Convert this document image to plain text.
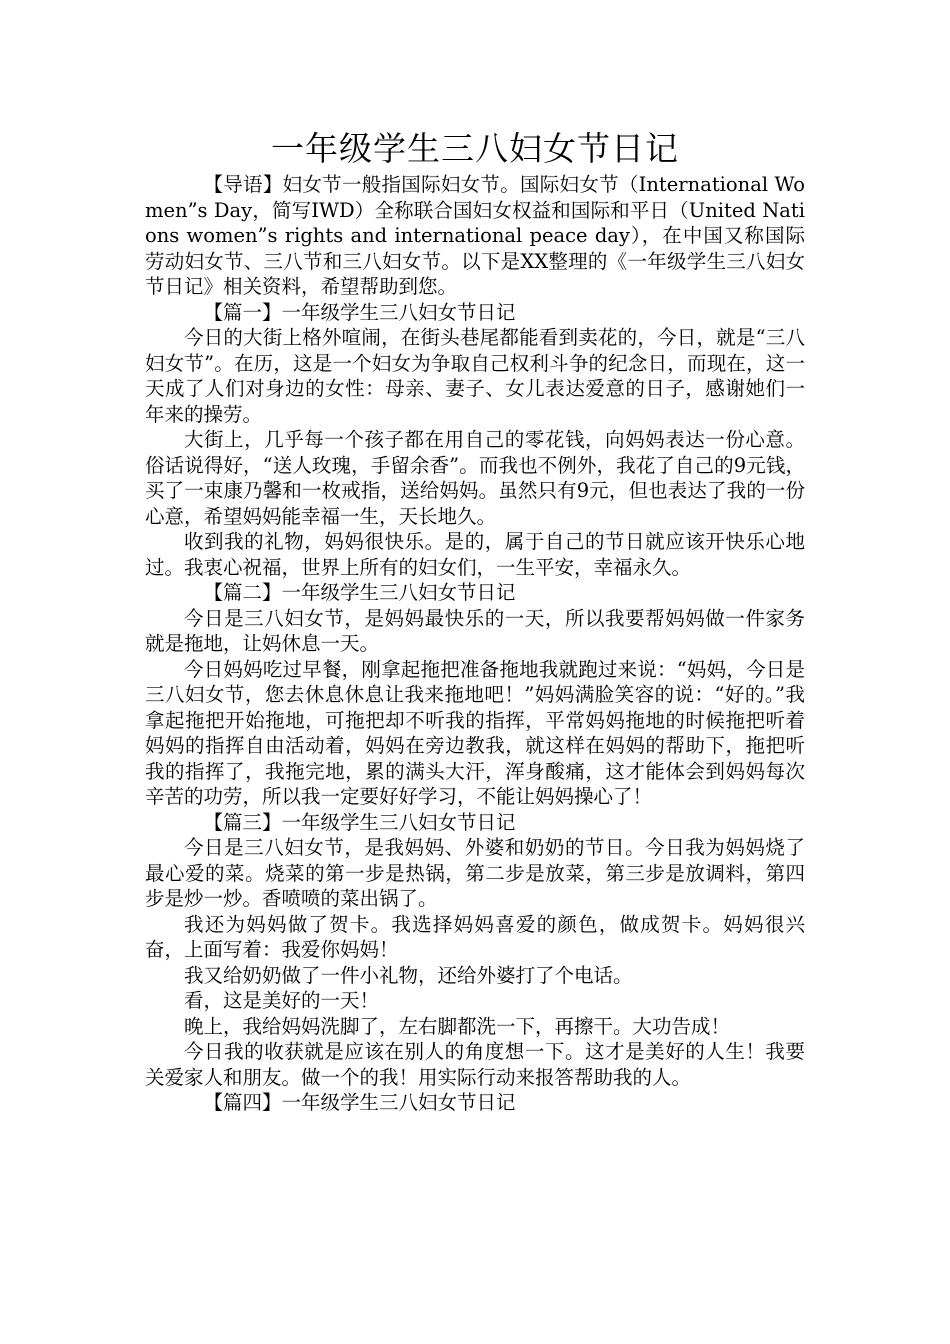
一年级学生三八妇女节日记

【导语】妇女节一般指国际妇女节。国际妇女节（International Women”s Day，简写IWD）全称联合国妇女权益和国际和平日（United Nations women”s rights and international peace day），在中国又称国际劳动妇女节、三八节和三八妇女节。以下是XX整理的《一年级学生三八妇女节日记》相关资料，希望帮助到您。

【篇一】一年级学生三八妇女节日记

今日的大街上格外喧闹，在街头巷尾都能看到卖花的，今日，就是“三八妇女节”。在历，这是一个妇女为争取自己权利斗争的纪念日，而现在，这一天成了人们对身边的女性：母亲、妻子、女儿表达爱意的日子，感谢她们一年来的操劳。

大街上，几乎每一个孩子都在用自己的零花钱，向妈妈表达一份心意。俗话说得好，“送人玫瑰，手留余香”。而我也不例外，我花了自己的9元钱，买了一束康乃馨和一枚戒指，送给妈妈。虽然只有9元，但也表达了我的一份心意，希望妈妈能幸福一生，天长地久。

收到我的礼物，妈妈很快乐。是的，属于自己的节日就应该开快乐心地过。我衷心祝福，世界上所有的妇女们，一生平安，幸福永久。

【篇二】一年级学生三八妇女节日记

今日是三八妇女节，是妈妈最快乐的一天，所以我要帮妈妈做一件家务就是拖地，让妈休息一天。

今日妈妈吃过早餐，刚拿起拖把准备拖地我就跑过来说：“妈妈，今日是三八妇女节，您去休息休息让我来拖地吧！”妈妈满脸笑容的说：“好的。”我拿起拖把开始拖地，可拖把却不听我的指挥，平常妈妈拖地的时候拖把听着妈妈的指挥自由活动着，妈妈在旁边教我，就这样在妈妈的帮助下，拖把听我的指挥了，我拖完地，累的满头大汗，浑身酸痛，这才能体会到妈妈每次辛苦的功劳，所以我一定要好好学习，不能让妈妈操心了！

【篇三】一年级学生三八妇女节日记

今日是三八妇女节，是我妈妈、外婆和奶奶的节日。今日我为妈妈烧了最心爱的菜。烧菜的第一步是热锅，第二步是放菜，第三步是放调料，第四步是炒一炒。香喷喷的菜出锅了。

我还为妈妈做了贺卡。我选择妈妈喜爱的颜色，做成贺卡。妈妈很兴奋，上面写着：我爱你妈妈！

我又给奶奶做了一件小礼物，还给外婆打了个电话。

看，这是美好的一天！

晚上，我给妈妈洗脚了，左右脚都洗一下，再擦干。大功告成！

今日我的收获就是应该在别人的角度想一下。这才是美好的人生！我要关爱家人和朋友。做一个的我！用实际行动来报答帮助我的人。

【篇四】一年级学生三八妇女节日记
